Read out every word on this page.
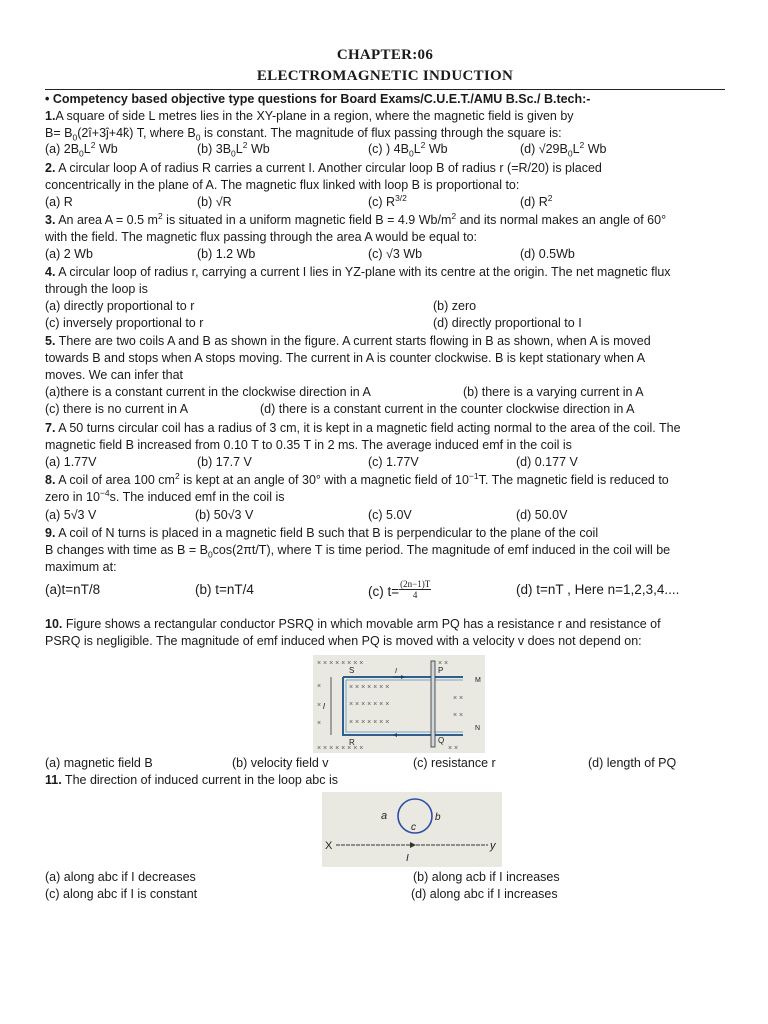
CHAPTER:06
ELECTROMAGNETIC INDUCTION
• Competency based objective type questions for Board Exams/C.U.E.T./AMU B.Sc./ B.tech:-
1.A square of side L metres lies in the XY-plane in a region, where the magnetic field is given by
$B= B_0(2î+3ĵ+4k̂)$ T, where $B_0$ is constant. The magnitude of flux passing through the square is:
(a) $2B_0L^2$ Wb	(b) $3B_0L^2$ Wb	(c) ) $4B_0L^2$ Wb	(d) $√29B_0L^2$ Wb
2. A circular loop A of radius R carries a current I. Another circular loop B of radius r (=R/20) is placed
concentrically in the plane of A. The magnetic flux linked with loop B is proportional to:
(a) R	(b) √R	(c) $R^{3/2}$	(d) $R^2$
3. An area A = 0.5 $m^2$ is situated in a uniform magnetic field B = 4.9 $Wb/m^2$ and its normal makes an angle of 60°
with the field. The magnetic flux passing through the area A would be equal to:
(a) 2 Wb	(b) 1.2 Wb	(c) √3 Wb	(d) 0.5Wb
4. A circular loop of radius r, carrying a current I lies in YZ-plane with its centre at the origin. The net magnetic flux
through the loop is
(a) directly proportional to r	(b) zero
(c) inversely proportional to r	(d) directly proportional to I
5. There are two coils A and B as shown in the figure. A current starts flowing in B as shown, when A is moved
towards B and stops when A stops moving. The current in A is counter clockwise. B is kept stationary when A
moves. We can infer that
(a)there is a constant current in the clockwise direction in A	(b) there is a varying current in A
(c) there is no current in A	(d) there is a constant current in the counter clockwise direction in A
7. A 50 turns circular coil has a radius of 3 cm, it is kept in a magnetic field acting normal to the area of the coil. The
magnetic field B increased from 0.10 T to 0.35 T in 2 ms. The average induced emf in the coil is
(a) 1.77V	(b) 17.7 V	(c) 1.77V	(d) 0.177 V
8. A coil of area 100 $cm^2$ is kept at an angle of 30° with a magnetic field of $10^{-1}T$. The magnetic field is reduced to
zero in $10^{-4}s$. The induced emf in the coil is
(a) 5√3 V	(b) 50√3 V	(c) 5.0V	(d) 50.0V
9. A coil of N turns is placed in a magnetic field B such that B is perpendicular to the plane of the coil
B changes with time as $B = B_0\cos(2\pi t/T)$, where T is time period. The magnitude of emf induced in the coil will be
maximum at:
(a)t=nT/8	(b) t=nT/4	(c) $t= \frac{(2n-1)T}{4}$	(d) t=nT , Here n=1,2,3,4....
10. Figure shows a rectangular conductor PSRQ in which movable arm PQ has a resistance r and resistance of
PSRQ is negligible. The magnitude of emf induced when PQ is moved with a velocity v does not depend on:
× × × × × × × ×	× ×
×
×
×
× × × × × × ×
× × × × × × ×
× × × × × × ×
× ×
× ×
× × × × × × × ×	× ×
S	P
M
N
R	Q
l
I
(a) magnetic field B	(b) velocity field v	(c) resistance r	(d) length of PQ
11. The direction of induced current in the loop abc is
a
c
b
X	y
I
(a) along abc if I decreases	(b) along acb if I increases
(c) along abc if I is constant	(d) along abc if I increases
